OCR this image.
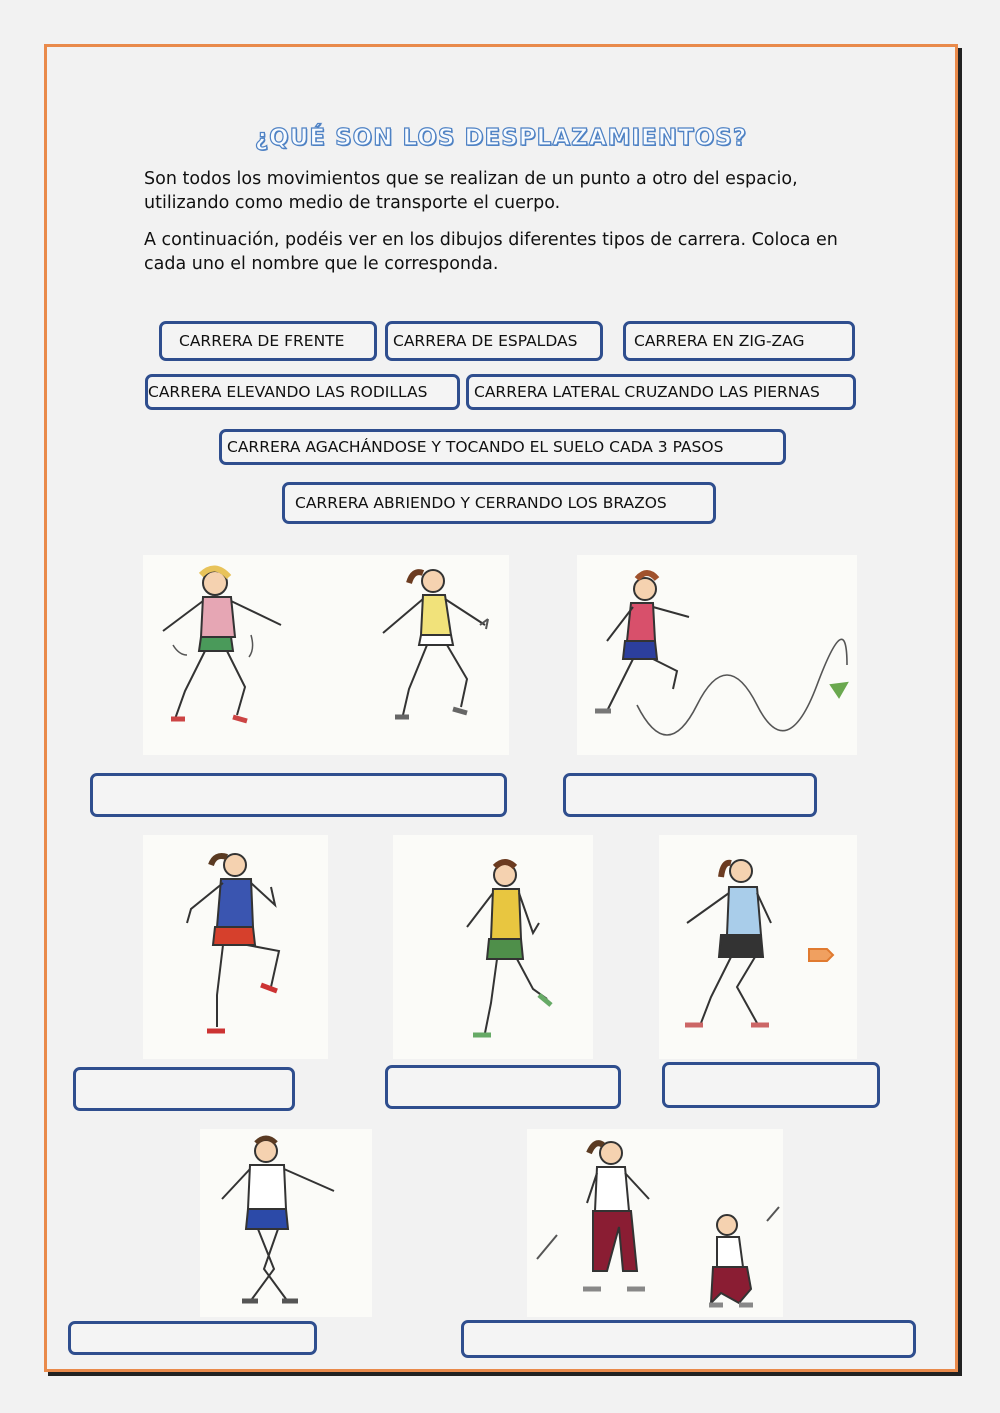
¿QUÉ SON LOS DESPLAZAMIENTOS?
Son todos los movimientos que se realizan de un punto a otro del espacio, utilizando como medio de transporte el cuerpo.
A continuación, podéis ver en los dibujos diferentes tipos de carrera. Coloca en cada uno el nombre que le corresponda.
CARRERA DE FRENTE	CARRERA DE ESPALDAS	CARRERA EN ZIG-ZAG
CARRERA ELEVANDO LAS RODILLAS	CARRERA LATERAL CRUZANDO LAS PIERNAS
CARRERA AGACHÁNDOSE Y TOCANDO EL SUELO CADA 3 PASOS
CARRERA ABRIENDO Y CERRANDO LOS BRAZOS
